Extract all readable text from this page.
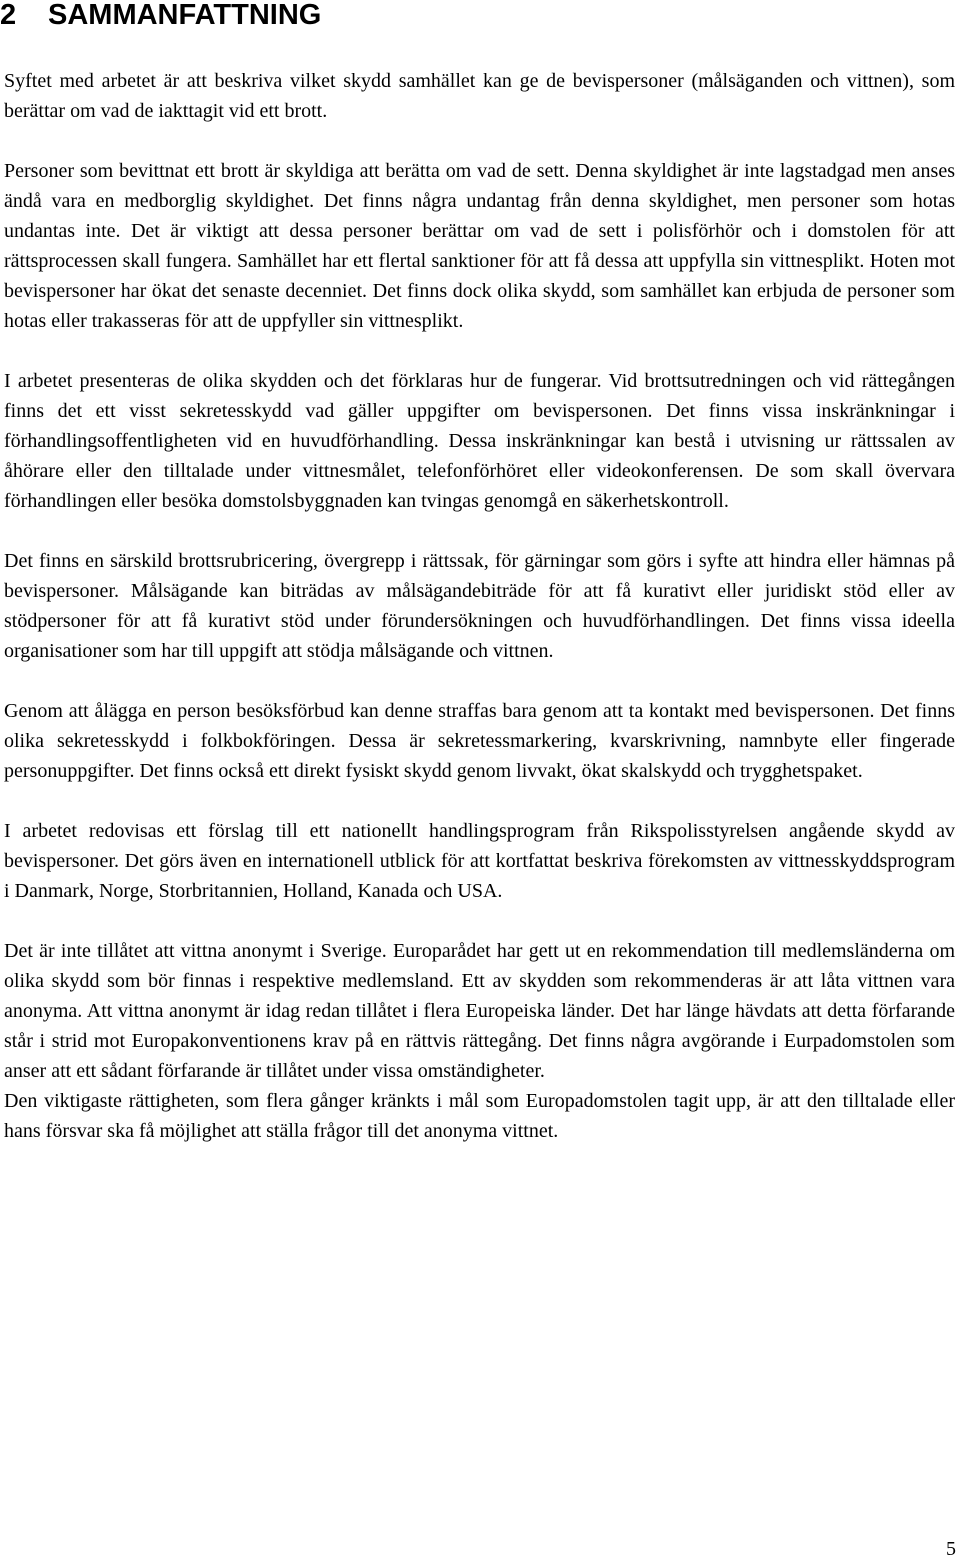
2 SAMMANFATTNING

Syftet med arbetet är att beskriva vilket skydd samhället kan ge de bevispersoner (målsäganden och vittnen), som berättar om vad de iakttagit vid ett brott.

Personer som bevittnat ett brott är skyldiga att berätta om vad de sett. Denna skyldighet är inte lagstadgad men anses ändå vara en medborglig skyldighet. Det finns några undantag från denna skyldighet, men personer som hotas undantas inte. Det är viktigt att dessa personer berättar om vad de sett i polisförhör och i domstolen för att rättsprocessen skall fungera. Samhället har ett flertal sanktioner för att få dessa att uppfylla sin vittnesplikt. Hoten mot bevispersoner har ökat det senaste decenniet. Det finns dock olika skydd, som samhället kan erbjuda de personer som hotas eller trakasseras för att de uppfyller sin vittnesplikt.

I arbetet presenteras de olika skydden och det förklaras hur de fungerar. Vid brottsutredningen och vid rättegången finns det ett visst sekretesskydd vad gäller uppgifter om bevispersonen. Det finns vissa inskränkningar i förhandlingsoffentligheten vid en huvudförhandling. Dessa inskränkningar kan bestå i utvisning ur rättssalen av åhörare eller den tilltalade under vittnesmålet, telefonförhöret eller videokonferensen. De som skall övervara förhandlingen eller besöka domstolsbyggnaden kan tvingas genomgå en säkerhetskontroll.

Det finns en särskild brottsrubricering, övergrepp i rättssak, för gärningar som görs i syfte att hindra eller hämnas på bevispersoner. Målsägande kan biträdas av målsägandebiträde för att få kurativt eller juridiskt stöd eller av stödpersoner för att få kurativt stöd under förundersökningen och huvudförhandlingen. Det finns vissa ideella organisationer som har till uppgift att stödja målsägande och vittnen.

Genom att ålägga en person besöksförbud kan denne straffas bara genom att ta kontakt med bevispersonen. Det finns olika sekretesskydd i folkbokföringen. Dessa är sekretessmarkering, kvarskrivning, namnbyte eller fingerade personuppgifter. Det finns också ett direkt fysiskt skydd genom livvakt, ökat skalskydd och trygghetspaket.

I arbetet redovisas ett förslag till ett nationellt handlingsprogram från Rikspolisstyrelsen angående skydd av bevispersoner. Det görs även en internationell utblick för att kortfattat beskriva förekomsten av vittnesskyddsprogram i Danmark, Norge, Storbritannien, Holland, Kanada och USA.

Det är inte tillåtet att vittna anonymt i Sverige. Europarådet har gett ut en rekommendation till medlemsländerna om olika skydd som bör finnas i respektive medlemsland. Ett av skydden som rekommenderas är att låta vittnen vara anonyma. Att vittna anonymt är idag redan tillåtet i flera Europeiska länder. Det har länge hävdats att detta förfarande står i strid mot Europakonventionens krav på en rättvis rättegång. Det finns några avgörande i Eurpadomstolen som anser att ett sådant förfarande är tillåtet under vissa omständigheter.

Den viktigaste rättigheten, som flera gånger kränkts i mål som Europadomstolen tagit upp, är att den tilltalade eller hans försvar ska få möjlighet att ställa frågor till det anonyma vittnet.

5
